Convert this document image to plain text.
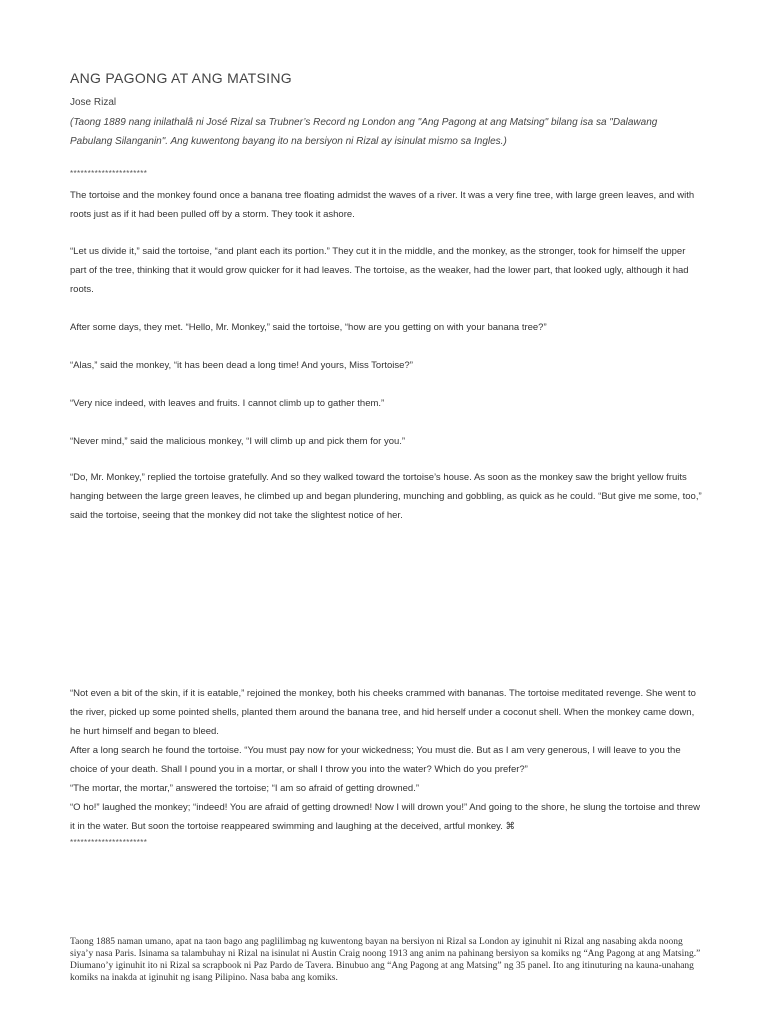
ANG PAGONG AT ANG MATSING
Jose Rizal
(Taong 1889 nang inilathalâ ni José Rizal sa Trubner’s Record ng London ang "Ang Pagong at ang Matsing" bilang isa sa "Dalawang Pabulang Silanganin". Ang kuwentong bayang ito na bersiyon ni Rizal ay isinulat mismo sa Ingles.)
**********************

The tortoise and the monkey found once a banana tree floating admidst the waves of a river. It was a very fine tree, with large green leaves, and with roots just as if it had been pulled off by a storm. They took it ashore.

“Let us divide it,” said the tortoise, “and plant each its portion.” They cut it in the middle, and the monkey, as the stronger, took for himself the upper part of the tree, thinking that it would grow quicker for it had leaves. The tortoise, as the weaker, had the lower part, that looked ugly, although it had roots.

After some days, they met. “Hello, Mr. Monkey,” said the tortoise, “how are you getting on with your banana tree?”

“Alas,” said the monkey, “it has been dead a long time! And yours, Miss Tortoise?”

“Very nice indeed, with leaves and fruits. I cannot climb up to gather them.”

“Never mind,” said the malicious monkey, “I will climb up and pick them for you.”

“Do, Mr. Monkey,” replied the tortoise gratefully. And so they walked toward the tortoise’s house. As soon as the monkey saw the bright yellow fruits hanging between the large green leaves, he climbed up and began plundering, munching and gobbling, as quick as he could. “But give me some, too,” said the tortoise, seeing that the monkey did not take the slightest notice of her.

“Not even a bit of the skin, if it is eatable,” rejoined the monkey, both his cheeks crammed with bananas. The tortoise meditated revenge. She went to the river, picked up some pointed shells, planted them around the banana tree, and hid herself under a coconut shell. When the monkey came down, he hurt himself and began to bleed.

After a long search he found the tortoise. “You must pay now for your wickedness; You must die. But as I am very generous, I will leave to you the choice of your death. Shall I pound you in a mortar, or shall I throw you into the water? Which do you prefer?”

“The mortar, the mortar,” answered the tortoise; “I am so afraid of getting drowned.”

“O ho!” laughed the monkey; “indeed! You are afraid of getting drowned! Now I will drown you!” And going to the shore, he slung the tortoise and threw it in the water. But soon the tortoise reappeared swimming and laughing at the deceived, artful monkey. ⌘

**********************
Taong 1885 naman umano, apat na taon bago ang paglilimbag ng kuwentong bayan na bersiyon ni Rizal sa London ay iginuhit ni Rizal ang nasabing akda noong siya’y nasa Paris. Isinama sa talambuhay ni Rizal na isinulat ni Austin Craig noong 1913 ang anim na pahinang bersiyon sa komiks ng “Ang Pagong at ang Matsing.” Diumano’y iginuhit ito ni Rizal sa scrapbook ni Paz Pardo de Tavera. Binubuo ang “Ang Pagong at ang Matsing” ng 35 panel. Ito ang itinuturing na kauna-unahang komiks na inakda at iginuhit ng isang Pilipino. Nasa baba ang komiks.
